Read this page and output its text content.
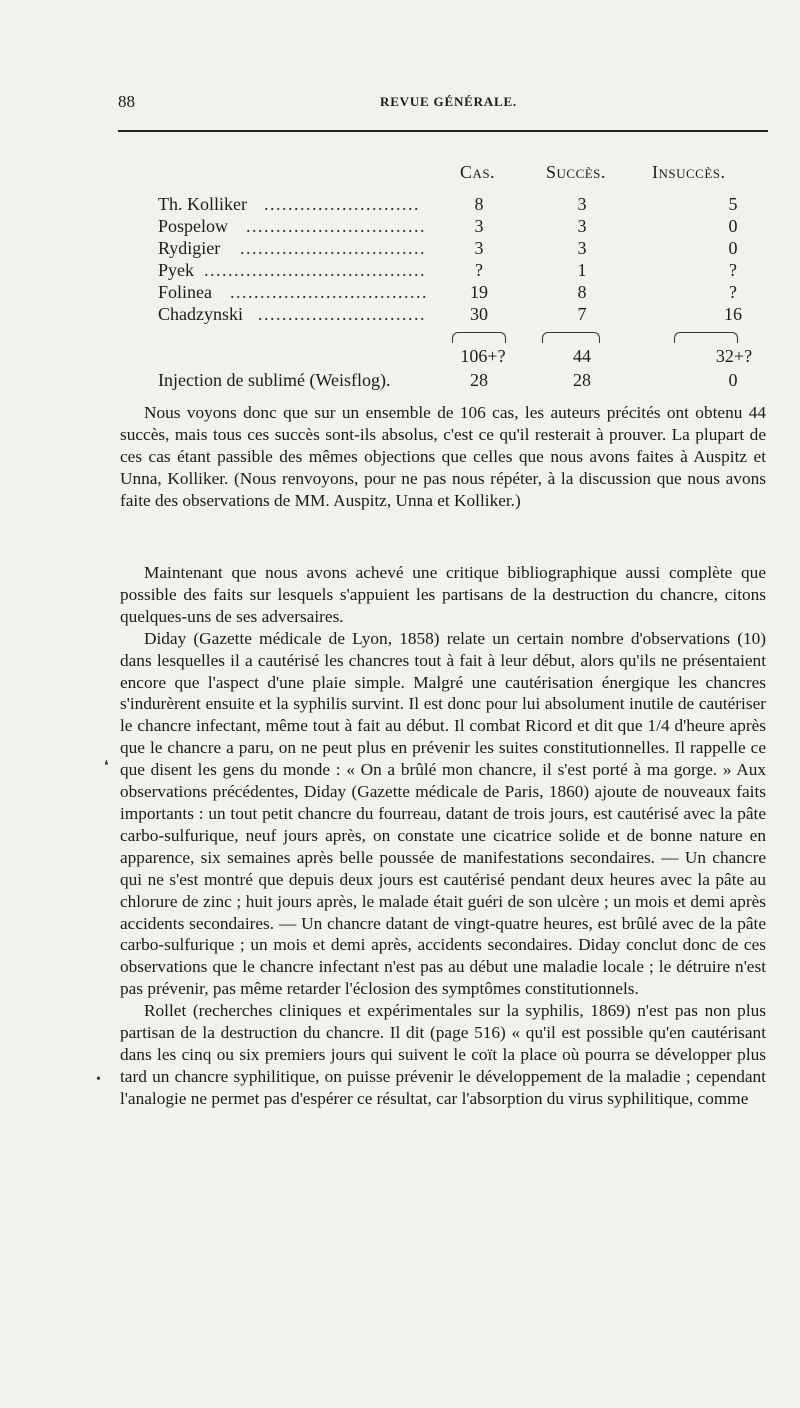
88	REVUE GÉNÉRALE.
Cas.	Succès.	Insuccès.
Th. Kolliker ..........................	8	3	5
Pospelow ..............................	3	3	0
Rydigier ...............................	3	3	0
Pyek .....................................	?	1	?
Folinea .................................	19	8	?
Chadzynski ............................	30	7	16
106+?	44	32+?
Injection de sublimé (Weisflog).	28	28	0

Nous voyons donc que sur un ensemble de 106 cas, les auteurs précités ont obtenu 44 succès, mais tous ces succès sont-ils absolus, c'est ce qu'il resterait à prouver. La plupart de ces cas étant passible des mêmes objections que celles que nous avons faites à Auspitz et Unna, Kolliker. (Nous renvoyons, pour ne pas nous répéter, à la discussion que nous avons faite des observations de MM. Auspitz, Unna et Kolliker.)

Maintenant que nous avons achevé une critique bibliographique aussi complète que possible des faits sur lesquels s'appuient les partisans de la destruction du chancre, citons quelques-uns de ses adversaires.

Diday (Gazette médicale de Lyon, 1858) relate un certain nombre d'observations (10) dans lesquelles il a cautérisé les chancres tout à fait à leur début, alors qu'ils ne présentaient encore que l'aspect d'une plaie simple. Malgré une cautérisation énergique les chancres s'indurèrent ensuite et la syphilis survint. Il est donc pour lui absolument inutile de cautériser le chancre infectant, même tout à fait au début. Il combat Ricord et dit que 1/4 d'heure après que le chancre a paru, on ne peut plus en prévenir les suites constitutionnelles. Il rappelle ce que disent les gens du monde : « On a brûlé mon chancre, il s'est porté à ma gorge. » Aux observations précédentes, Diday (Gazette médicale de Paris, 1860) ajoute de nouveaux faits importants : un tout petit chancre du fourreau, datant de trois jours, est cautérisé avec la pâte carbo-sulfurique, neuf jours après, on constate une cicatrice solide et de bonne nature en apparence, six semaines après belle poussée de manifestations secondaires. — Un chancre qui ne s'est montré que depuis deux jours est cautérisé pendant deux heures avec la pâte au chlorure de zinc ; huit jours après, le malade était guéri de son ulcère ; un mois et demi après accidents secondaires. — Un chancre datant de vingt-quatre heures, est brûlé avec de la pâte carbo-sulfurique ; un mois et demi après, accidents secondaires. Diday conclut donc de ces observations que le chancre infectant n'est pas au début une maladie locale ; le détruire n'est pas prévenir, pas même retarder l'éclosion des symptômes constitutionnels.

Rollet (recherches cliniques et expérimentales sur la syphilis, 1869) n'est pas non plus partisan de la destruction du chancre. Il dit (page 516) « qu'il est possible qu'en cautérisant dans les cinq ou six premiers jours qui suivent le coït la place où pourra se développer plus tard un chancre syphilitique, on puisse prévenir le développement de la maladie ; cependant l'analogie ne permet pas d'espérer ce résultat, car l'absorption du virus syphilitique, comme

❛
•
